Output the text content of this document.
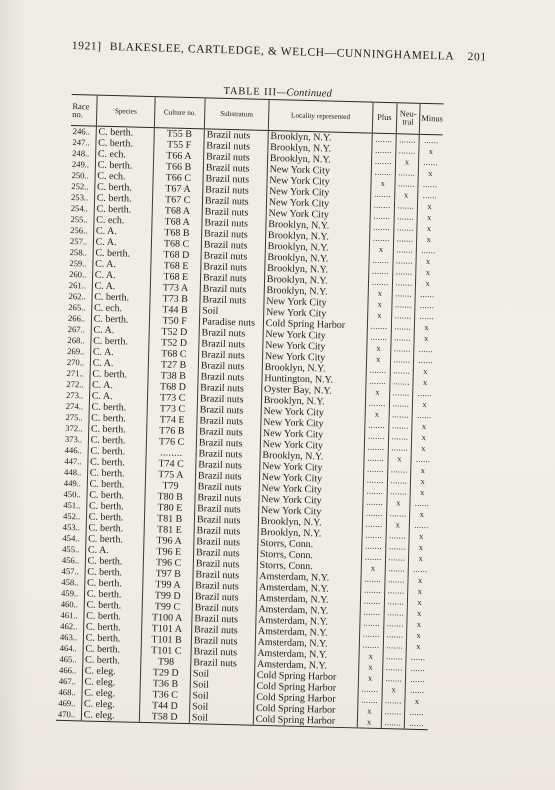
1921] BLAKESLEE, CARTLEDGE, & WELCH—CUNNINGHAMELLA 201
TABLE III—Continued
Race no.	Species	Culture no.	Substratum	Locality represented	Plus	Neu-tral	Minus
246..	C. berth.	T55 B	Brazil nuts	Brooklyn, N.Y.	.......	.......	......
247..	C. berth.	T55 F	Brazil nuts	Brooklyn, N.Y.	.......	.......	x
248..	C. ech.	T66 A	Brazil nuts	Brooklyn, N.Y.	.......	x	......
249..	C. berth.	T66 B	Brazil nuts	New York City	.......	.......	x
250..	C. ech.	T66 C	Brazil nuts	New York City	x	.......	......
252..	C. berth.	T67 A	Brazil nuts	New York City	.......	x	......
253..	C. berth.	T67 C	Brazil nuts	New York City	.......	.......	x
254..	C. berth.	T68 A	Brazil nuts	New York City	.......	.......	x
255..	C. ech.	T68 A	Brazil nuts	Brooklyn, N.Y.	.......	.......	x
256..	C. A.	T68 B	Brazil nuts	Brooklyn, N.Y.	.......	.......	x
257..	C. A.	T68 C	Brazil nuts	Brooklyn, N.Y.	x	.......	......
258..	C. berth.	T68 D	Brazil nuts	Brooklyn, N.Y.	.......	.......	x
259..	C. A.	T68 E	Brazil nuts	Brooklyn, N.Y.	.......	.......	x
260..	C. A.	T68 E	Brazil nuts	Brooklyn, N.Y.	.......	.......	x
261..	C. A.	T73 A	Brazil nuts	Brooklyn, N.Y.	x	.......	......
262..	C. berth.	T73 B	Brazil nuts	New York City	x	.......	......
265..	C. ech.	T44 B	Soil	New York City	x	.......	......
266..	C. berth.	T50 F	Paradise nuts	Cold Spring Harbor	.......	.......	x
267..	C. A.	T52 D	Brazil nuts	New York City	.......	.......	x
268..	C. berth.	T52 D	Brazil nuts	New York City	x	.......	......
269..	C. A.	T68 C	Brazil nuts	New York City	x	.......	......
270..	C. A.	T27 B	Brazil nuts	Brooklyn, N.Y.	.......	.......	x
271..	C. berth.	T38 B	Brazil nuts	Huntington, N.Y.	.......	.......	x
272..	C. A.	T68 D	Brazil nuts	Oyster Bay, N.Y.	x	.......	......
273..	C. A.	T73 C	Brazil nuts	Brooklyn, N.Y.	.......	.......	x
274..	C. berth.	T73 C	Brazil nuts	New York City	x	.......	......
275..	C. berth.	T74 E	Brazil nuts	New York City	.......	.......	x
372..	C. berth.	T76 B	Brazil nuts	New York City	.......	.......	x
373..	C. berth.	T76 C	Brazil nuts	New York City	.......	.......	x
446..	C. berth.	........	Brazil nuts	Brooklyn, N.Y.	.......	x	......
447..	C. berth.	T74 C	Brazil nuts	New York City	.......	.......	x
448..	C. berth.	T75 A	Brazil nuts	New York City	.......	.......	x
449..	C. berth.	T79	Brazil nuts	New York City	.......	.......	x
450..	C. berth.	T80 B	Brazil nuts	New York City	.......	x	......
451..	C. berth.	T80 E	Brazil nuts	New York City	.......	.......	x
452..	C. berth.	T81 B	Brazil nuts	Brooklyn, N.Y.	.......	x	......
453..	C. berth.	T81 E	Brazil nuts	Brooklyn, N.Y.	.......	.......	x
454..	C. berth.	T96 A	Brazil nuts	Storrs, Conn.	.......	.......	x
455..	C. A.	T96 E	Brazil nuts	Storrs, Conn.	.......	.......	x
456..	C. berth.	T96 C	Brazil nuts	Storrs, Conn.	x	.......	......
457..	C. berth.	T97 B	Brazil nuts	Amsterdam, N.Y.	.......	.......	x
458..	C. berth.	T99 A	Brazil nuts	Amsterdam, N.Y.	.......	.......	x
459..	C. berth.	T99 D	Brazil nuts	Amsterdam, N.Y.	.......	.......	x
460..	C. berth.	T99 C	Brazil nuts	Amsterdam, N.Y.	.......	.......	x
461..	C. berth.	T100 A	Brazil nuts	Amsterdam, N.Y.	.......	.......	x
462..	C. berth.	T101 A	Brazil nuts	Amsterdam, N.Y.	.......	.......	x
463..	C. berth.	T101 B	Brazil nuts	Amsterdam, N.Y.	.......	.......	x
464..	C. berth.	T101 C	Brazil nuts	Amsterdam, N.Y.	x	.......	......
465..	C. berth.	T98	Brazil nuts	Amsterdam, N.Y.	x	.......	......
466..	C. eleg.	T29 D	Soil	Cold Spring Harbor	x	.......	......
467..	C. eleg.	T36 B	Soil	Cold Spring Harbor	.......	x	......
468..	C. eleg.	T36 C	Soil	Cold Spring Harbor	.......	.......	x
469..	C. eleg.	T44 D	Soil	Cold Spring Harbor	x	.......	......
470..	C. eleg.	T58 D	Soil	Cold Spring Harbor	x	.......	......
